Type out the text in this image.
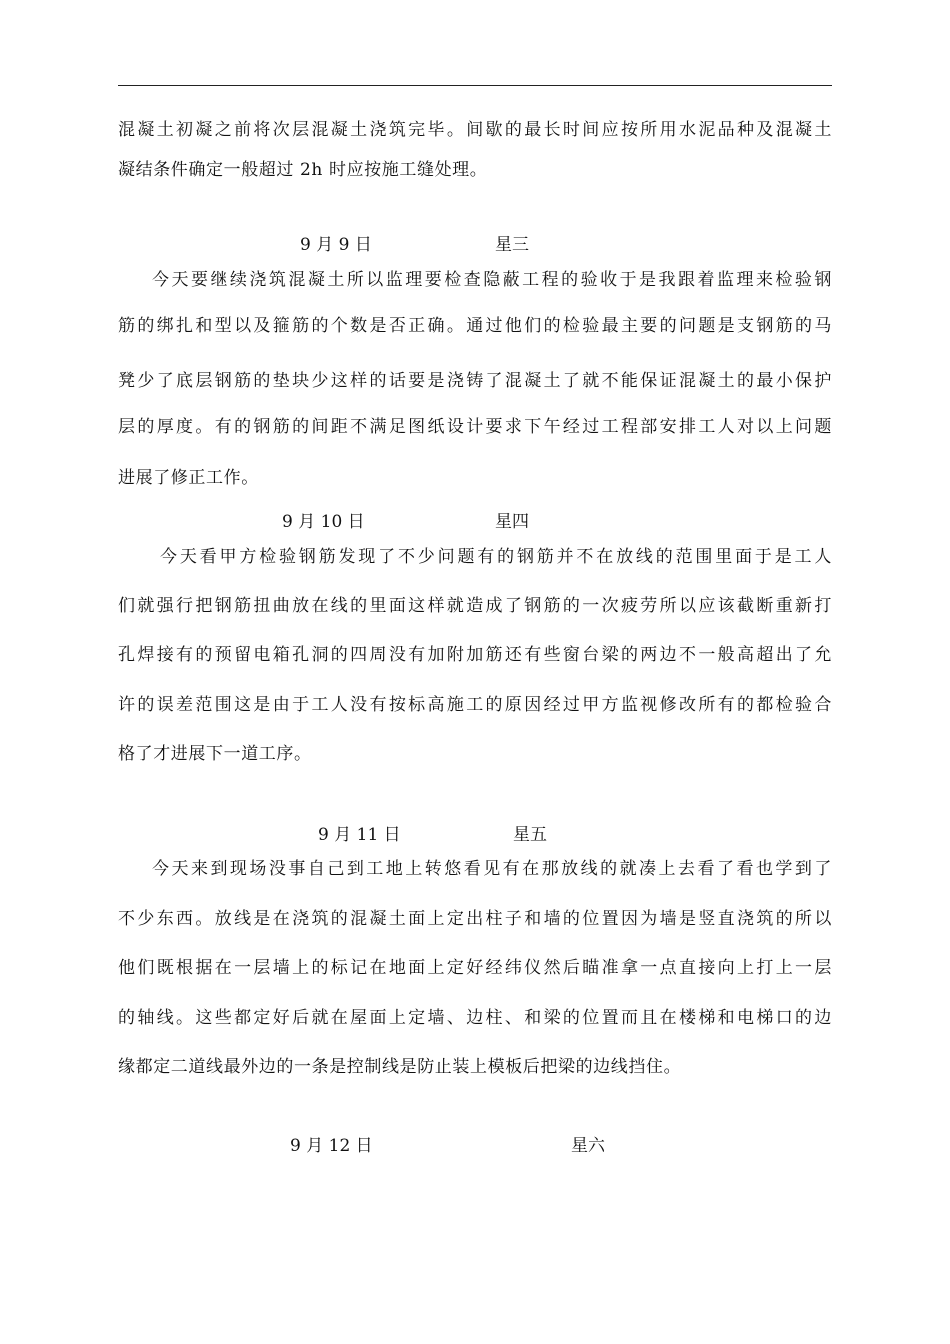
混凝土初凝之前将次层混凝土浇筑完毕。间歇的最长时间应按所用水泥品种及混凝土
凝结条件确定一般超过 2h 时应按施工缝处理。
9 月 9 日	星三
今天要继续浇筑混凝土所以监理要检查隐蔽工程的验收于是我跟着监理来检验钢
筋的绑扎和型以及箍筋的个数是否正确。通过他们的检验最主要的问题是支钢筋的马
凳少了底层钢筋的垫块少这样的话要是浇铸了混凝土了就不能保证混凝土的最小保护
层的厚度。有的钢筋的间距不满足图纸设计要求下午经过工程部安排工人对以上问题
进展了修正工作。
9 月 10 日	星四
今天看甲方检验钢筋发现了不少问题有的钢筋并不在放线的范围里面于是工人
们就强行把钢筋扭曲放在线的里面这样就造成了钢筋的一次疲劳所以应该截断重新打
孔焊接有的预留电箱孔洞的四周没有加附加筋还有些窗台梁的两边不一般高超出了允
许的误差范围这是由于工人没有按标高施工的原因经过甲方监视修改所有的都检验合
格了才进展下一道工序。
9 月 11 日	星五
今天来到现场没事自己到工地上转悠看见有在那放线的就凑上去看了看也学到了
不少东西。放线是在浇筑的混凝土面上定出柱子和墙的位置因为墙是竖直浇筑的所以
他们既根据在一层墙上的标记在地面上定好经纬仪然后瞄准拿一点直接向上打上一层
的轴线。这些都定好后就在屋面上定墙、边柱、和梁的位置而且在楼梯和电梯口的边
缘都定二道线最外边的一条是控制线是防止装上模板后把梁的边线挡住。
9 月 12 日	星六
